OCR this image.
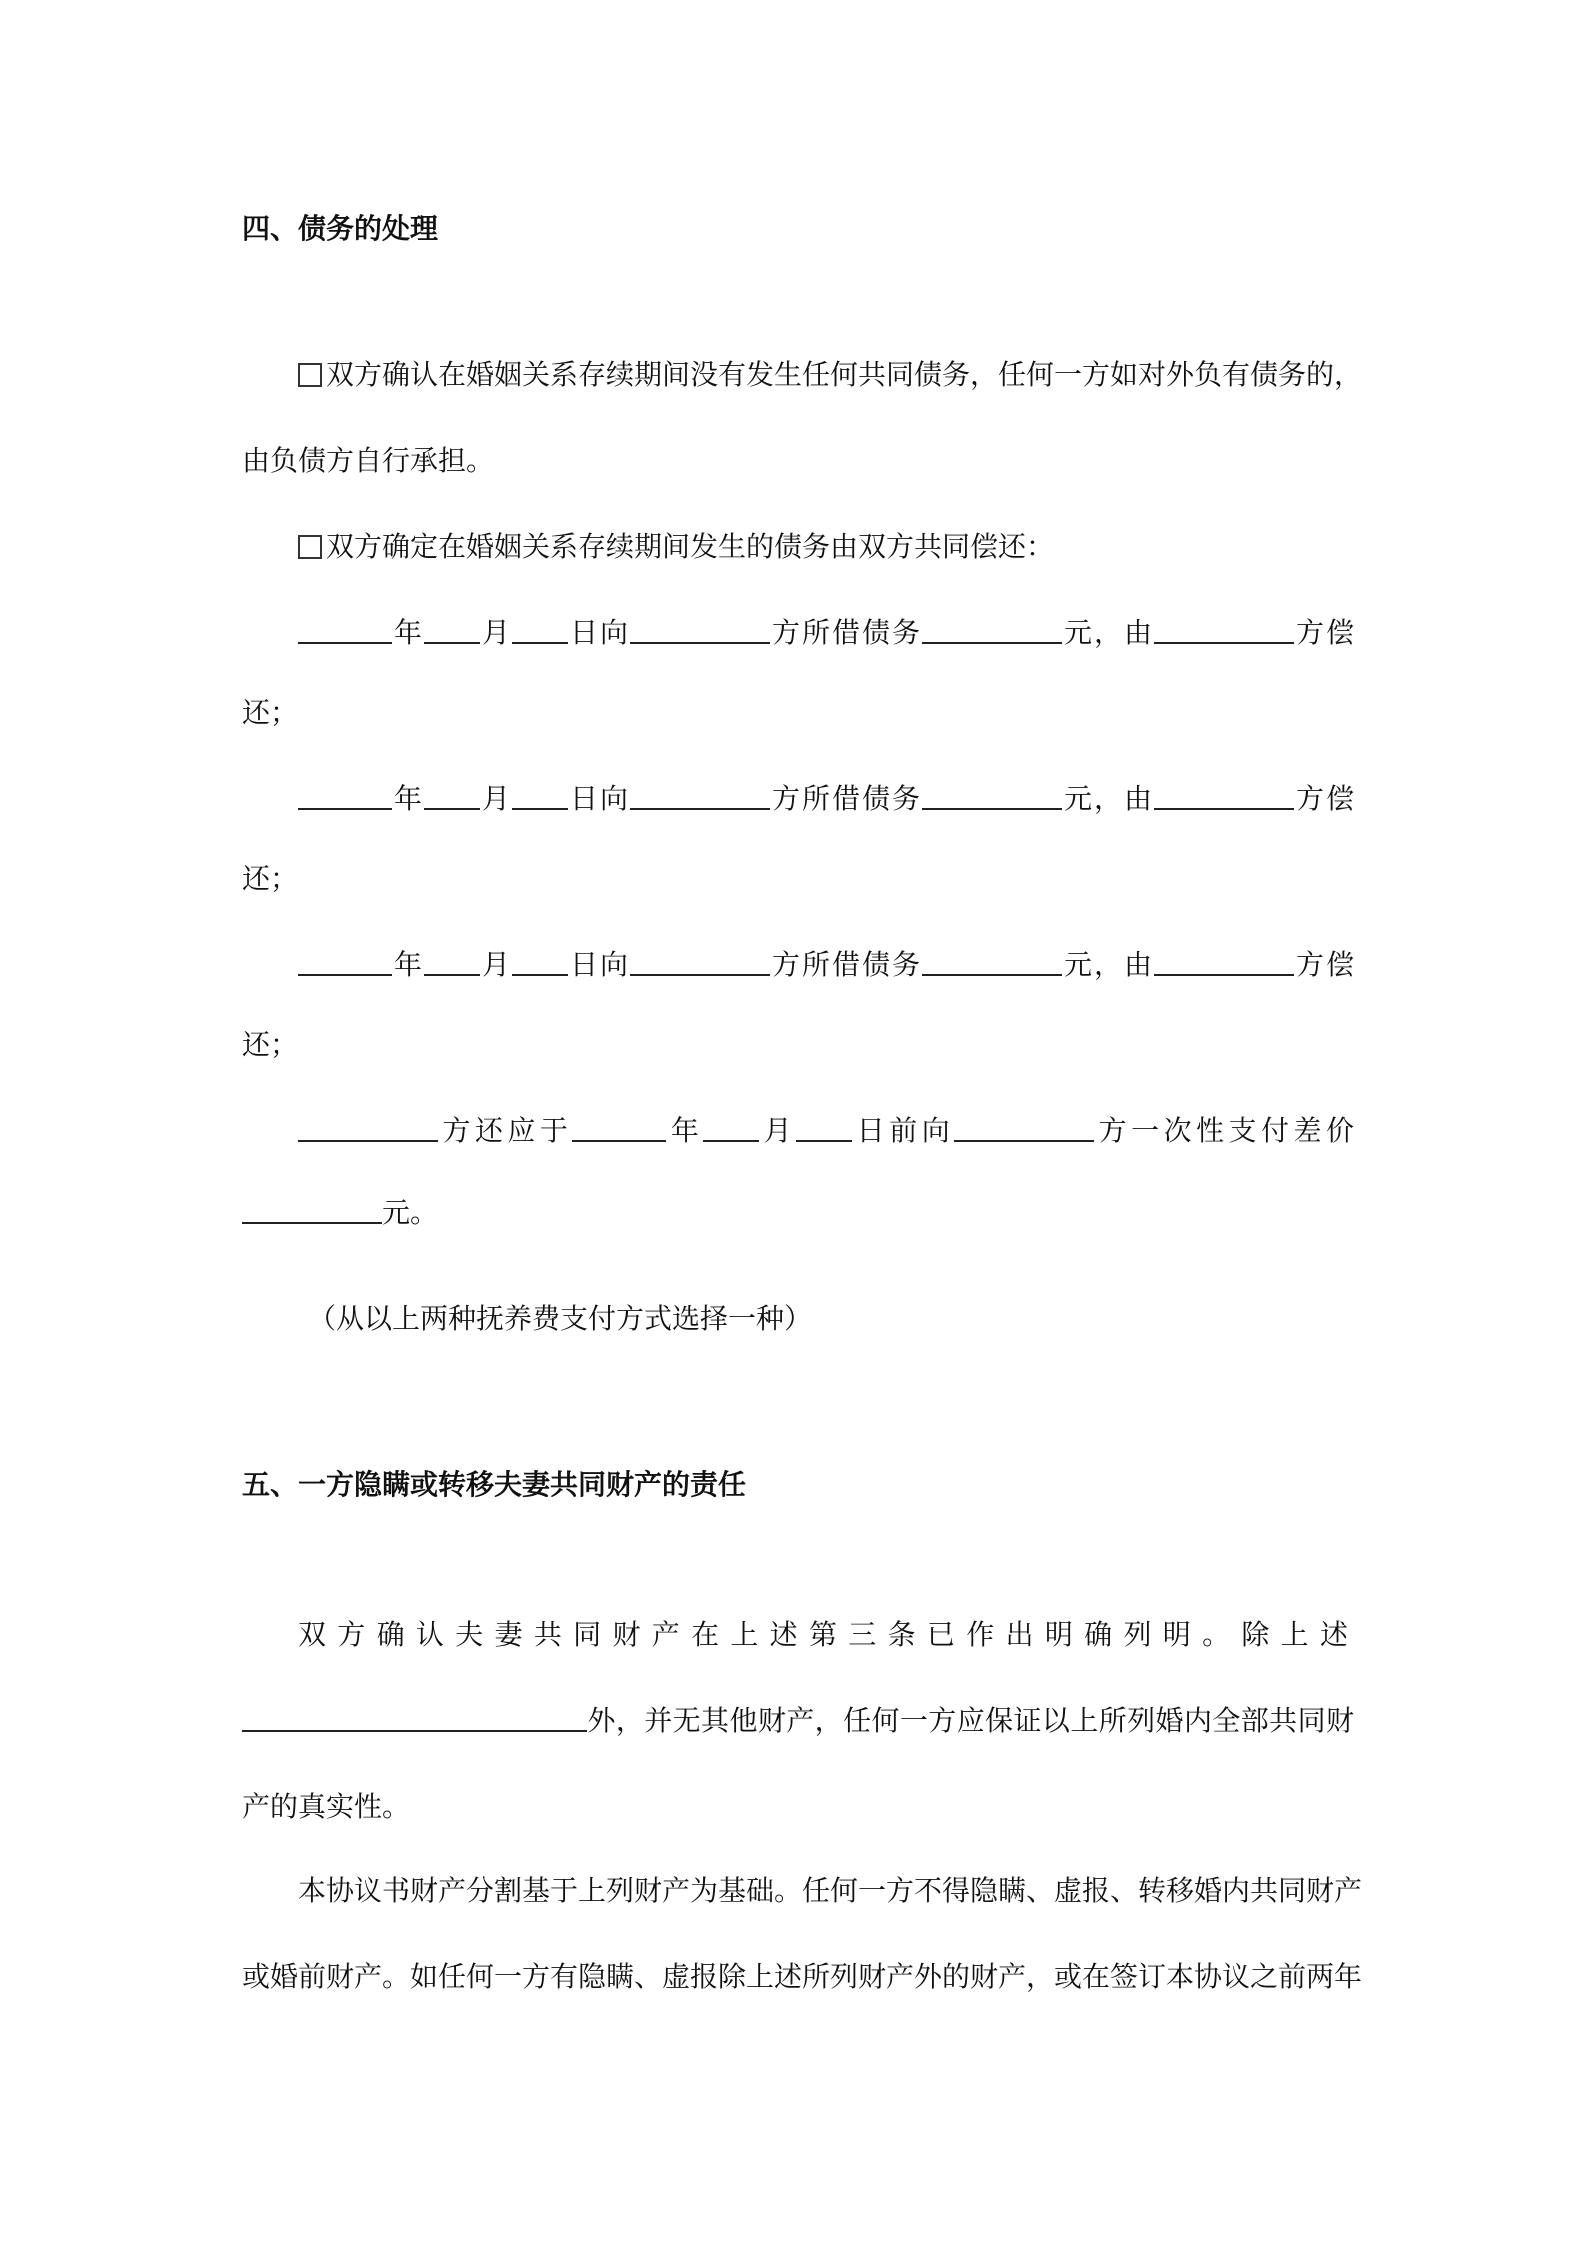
四、债务的处理
双方确认在婚姻关系存续期间没有发生任何共同债务，任何一方如对外负有债务的，
由负债方自行承担。
双方确定在婚姻关系存续期间发生的债务由双方共同偿还：
年 月 日向	方所借债务	元，由	方偿
还；
年 月 日向	方所借债务	元，由	方偿
还；
年 月 日向	方所借债务	元，由	方偿
还；
方还应于	年 月 日前向	方一次性支付差价
元。
（从以上两种抚养费支付方式选择一种）
五、一方隐瞒或转移夫妻共同财产的责任
双方确认夫妻共同财产在上述第三条已作出明确列明。除上述
外，并无其他财产，任何一方应保证以上所列婚内全部共同财
产的真实性。
本协议书财产分割基于上列财产为基础。任何一方不得隐瞒、虚报、转移婚内共同财产
或婚前财产。如任何一方有隐瞒、虚报除上述所列财产外的财产，或在签订本协议之前两年
